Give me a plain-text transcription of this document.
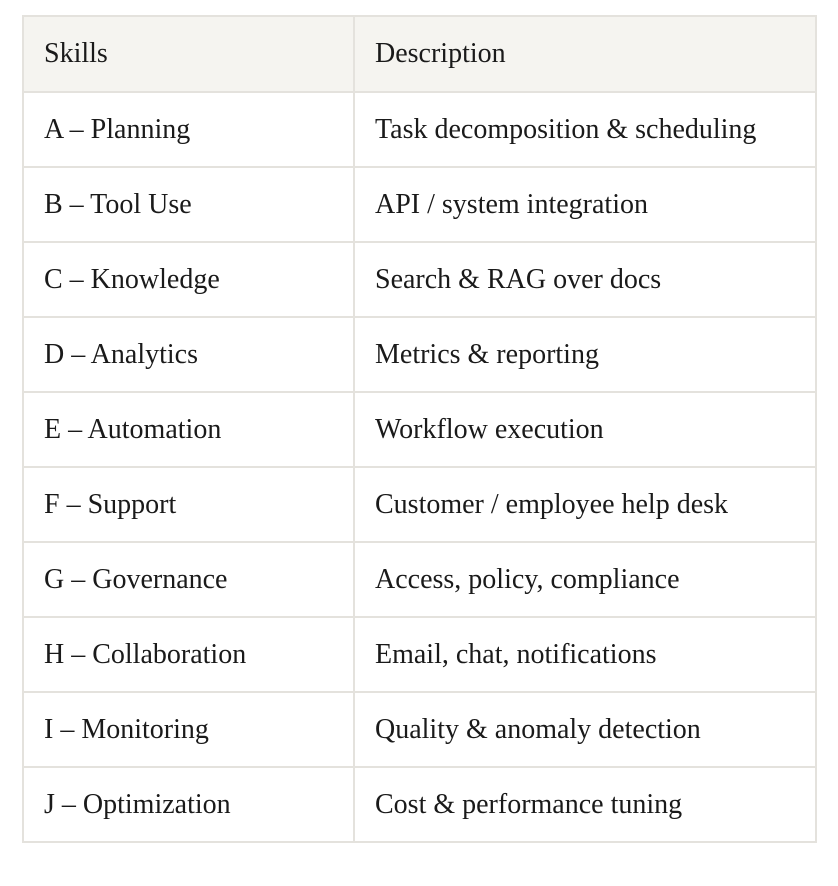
Skills	Description
A – Planning	Task decomposition & scheduling
B – Tool Use	API / system integration
C – Knowledge	Search & RAG over docs
D – Analytics	Metrics & reporting
E – Automation	Workflow execution
F – Support	Customer / employee help desk
G – Governance	Access, policy, compliance
H – Collaboration	Email, chat, notifications
I – Monitoring	Quality & anomaly detection
J – Optimization	Cost & performance tuning
